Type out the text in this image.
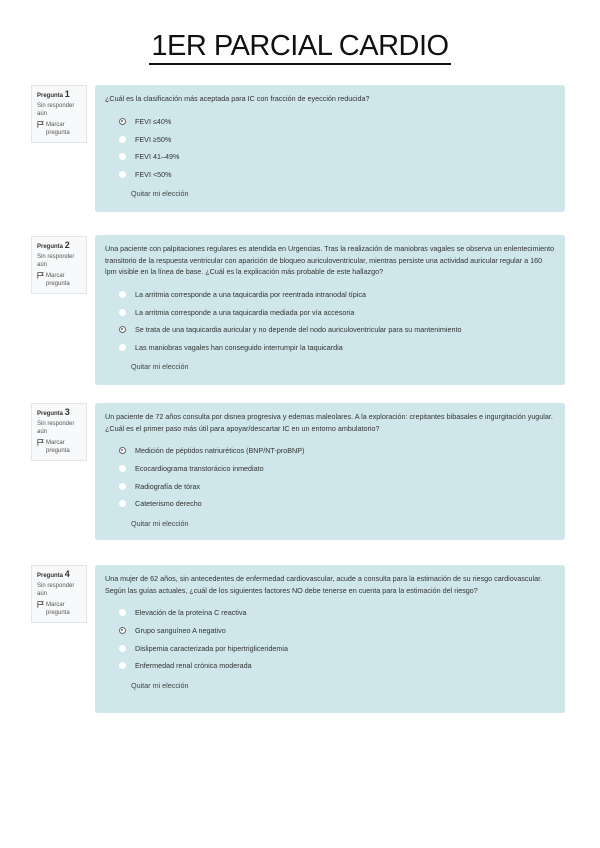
1ER PARCIAL CARDIO
Pregunta 1
Sin responder aún
Marcar pregunta
¿Cuál es la clasificación más aceptada para IC con fracción de eyección reducida?
FEVI ≤40%
FEVI ≥50%
FEVI 41–49%
FEVI <50%
Quitar mi elección
Pregunta 2
Sin responder aún
Marcar pregunta
Una paciente con palpitaciones regulares es atendida en Urgencias. Tras la realización de maniobras vagales se observa un enlentecimiento transitorio de la respuesta ventricular con aparición de bloqueo auriculoventricular, mientras persiste una actividad auricular regular a 160 lpm visible en la línea de base. ¿Cuál es la explicación más probable de este hallazgo?
La arritmia corresponde a una taquicardia por reentrada intranodal típica
La arritmia corresponde a una taquicardia mediada por vía accesoria
Se trata de una taquicardia auricular y no depende del nodo auriculoventricular para su mantenimiento
Las maniobras vagales han conseguido interrumpir la taquicardia
Quitar mi elección
Pregunta 3
Sin responder aún
Marcar pregunta
Un paciente de 72 años consulta por disnea progresiva y edemas maleolares. A la exploración: crepitantes bibasales e ingurgitación yugular. ¿Cuál es el primer paso más útil para apoyar/descartar IC en un entorno ambulatorio?
Medición de péptidos natriuréticos (BNP/NT-proBNP)
Ecocardiograma transtorácico inmediato
Radiografía de tórax
Cateterismo derecho
Quitar mi elección
Pregunta 4
Sin responder aún
Marcar pregunta
Una mujer de 62 años, sin antecedentes de enfermedad cardiovascular, acude a consulta para la estimación de su riesgo cardiovascular. Según las guías actuales, ¿cuál de los siguientes factores NO debe tenerse en cuenta para la estimación del riesgo?
Elevación de la proteína C reactiva
Grupo sanguíneo A negativo
Dislipemia caracterizada por hipertrigliceridemia
Enfermedad renal crónica moderada
Quitar mi elección
